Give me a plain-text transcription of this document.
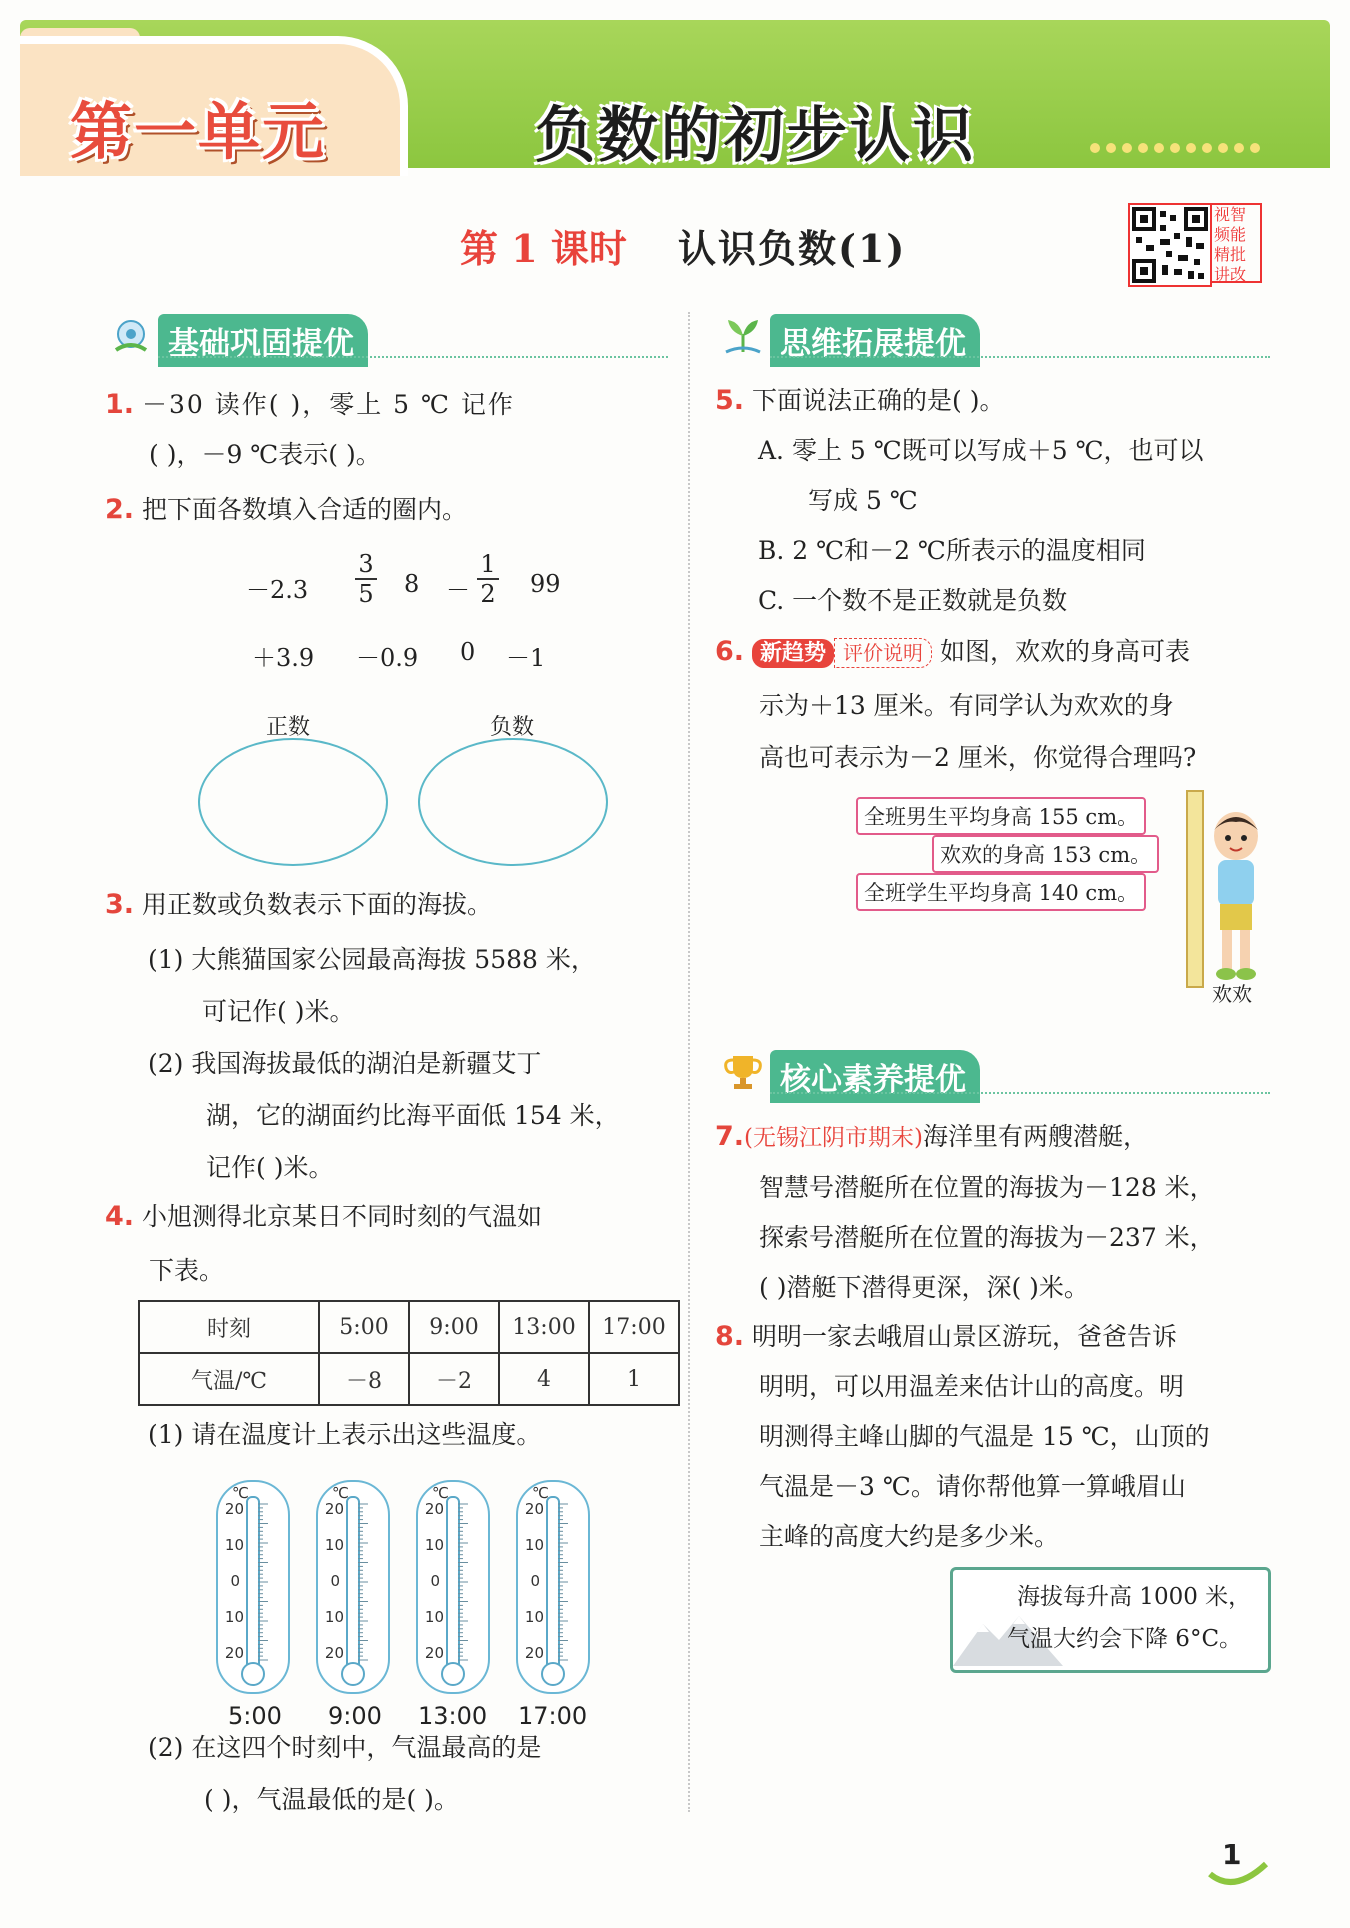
第一单元	负数的初步认识
第 1 课时 认识负数(1)
视智
频能
精批
讲改
基础巩固提优
1. －30 读作( )，零上 5 ℃ 记作
( )，－9 ℃表示( )。
2. 把下面各数填入合适的圈内。
－2.3
3

5 8 －
1

2 99
＋3.9 －0.9 0 －1
正数	负数
3. 用正数或负数表示下面的海拔。
(1) 大熊猫国家公园最高海拔 5588 米，
可记作( )米。
(2) 我国海拔最低的湖泊是新疆艾丁
湖，它的湖面约比海平面低 154 米，
记作( )米。
4. 小旭测得北京某日不同时刻的气温如
下表。
时刻	5:00	9:00	13:00	17:00
气温/℃	－8	－2	4	1
(1) 请在温度计上表示出这些温度。
℃
20
10
0
10
20
5:00
℃
20
10
0
10
20
9:00
℃
20
10
0
10
20
13:00
℃
20
10
0
10
20
17:00
(2) 在这四个时刻中，气温最高的是
( )，气温最低的是( )。
思维拓展提优
5. 下面说法正确的是( )。
A. 零上 5 ℃既可以写成＋5 ℃，也可以
写成 5 ℃
B. 2 ℃和－2 ℃所表示的温度相同
C. 一个数不是正数就是负数
6. 新趋势 评价说明 如图，欢欢的身高可表
示为＋13 厘米。有同学认为欢欢的身
高也可表示为－2 厘米，你觉得合理吗?
全班男生平均身高 155 cm。
欢欢的身高 153 cm。
全班学生平均身高 140 cm。
欢欢
核心素养提优
7.(无锡江阴市期末)海洋里有两艘潜艇，
智慧号潜艇所在位置的海拔为－128 米，
探索号潜艇所在位置的海拔为－237 米，
( )潜艇下潜得更深，深( )米。
8. 明明一家去峨眉山景区游玩，爸爸告诉
明明，可以用温差来估计山的高度。明
明测得主峰山脚的气温是 15 ℃，山顶的
气温是－3 ℃。请你帮他算一算峨眉山
主峰的高度大约是多少米。
海拔每升高 1000 米，
气温大约会下降 6°C。
1
